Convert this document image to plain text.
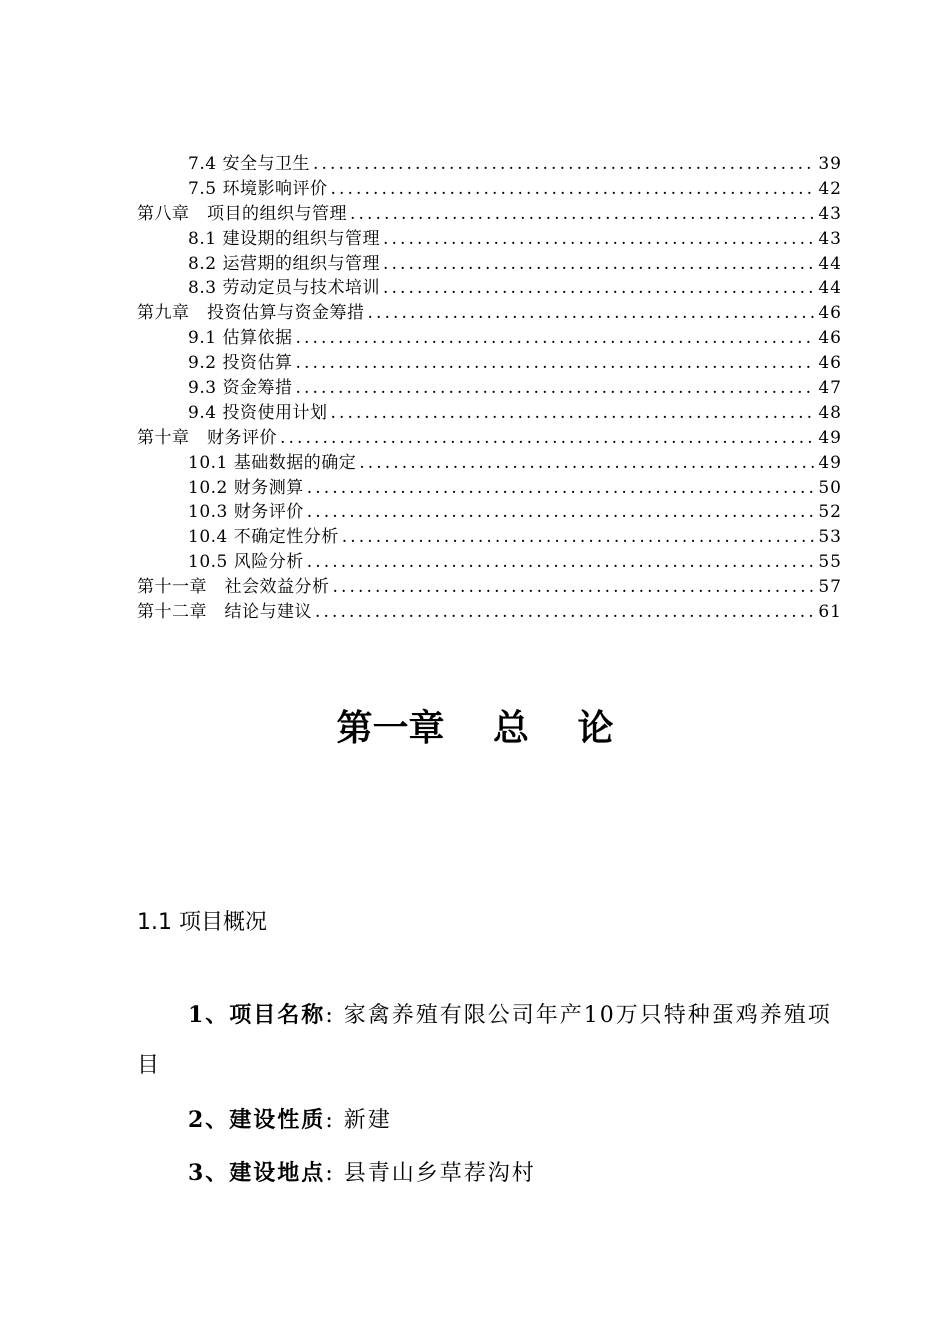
7.4 安全与卫生 .....	39
7.5 环境影响评价 .....	42
第八章　项目的组织与管理 .....	43
8.1 建设期的组织与管理 .....	43
8.2 运营期的组织与管理 .....	44
8.3 劳动定员与技术培训 .....	44
第九章　投资估算与资金筹措 .....	46
9.1 估算依据 .....	46
9.2 投资估算 .....	46
9.3 资金筹措 .....	47
9.4 投资使用计划 .....	48
第十章　财务评价 .....	49
10.1 基础数据的确定 .....	49
10.2 财务测算 .....	50
10.3 财务评价 .....	52
10.4 不确定性分析 .....	53
10.5 风险分析 .....	55
第十一章　社会效益分析 .....	57
第十二章　结论与建议 .....	61
第一章　 总　 论
1.1 项目概况
1、项目名称: 家禽养殖有限公司年产10万只特种蛋鸡养殖项目
2、建设性质: 新建
3、建设地点: 县青山乡草荐沟村
